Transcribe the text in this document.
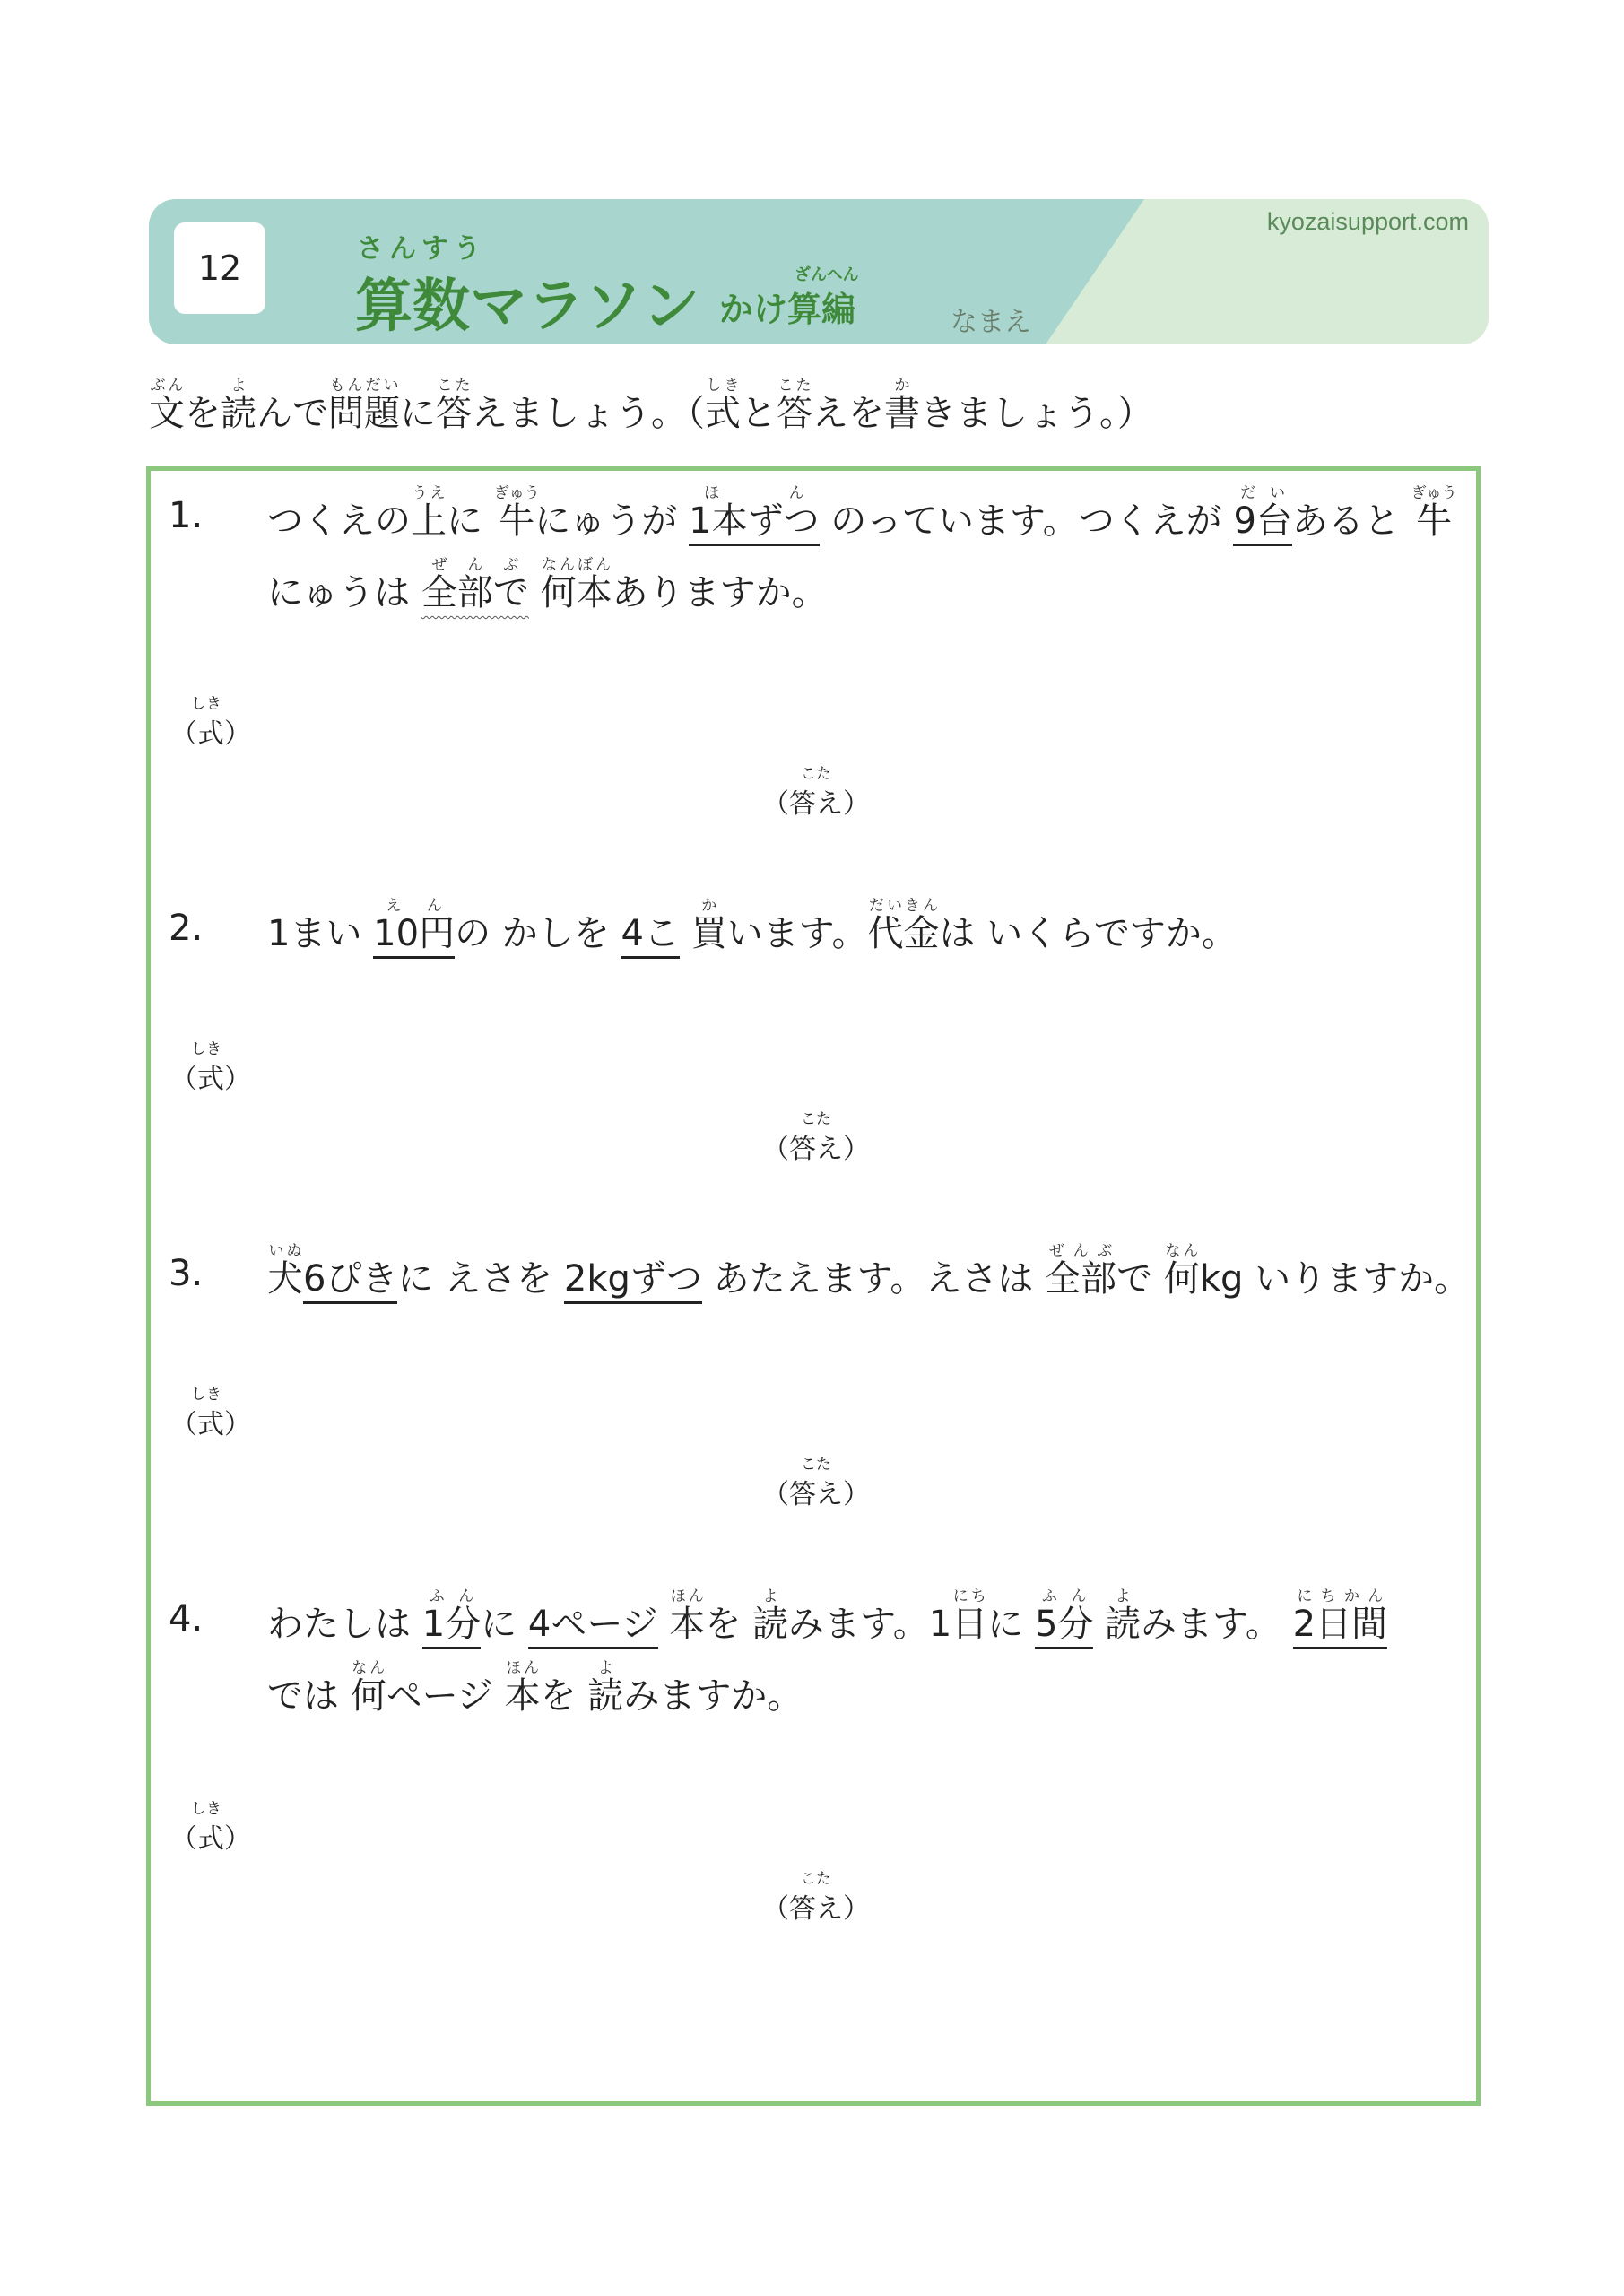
12	さんすう
算数マラソン	ざんへん
かけ算編
kyozaisupport.com
なまえ
文ぶんを読よんで問題もんだいに答こたえましょう。（式しきと答こたえを書かきましょう。）
1. つくえの上うえに 牛ぎゅうにゅうが 1本ずつほん のっています。つくえが 9台だいあると 牛ぎゅう
にゅうは 全部でぜんぶ 何本なんぼんありますか。
しき
（式）
こた
（答え）
2. 1まい 10円えんの かしを 4こ 買かいます。代金だいきんは いくらですか。
しき
（式）
こた
（答え）
3. 犬いぬ6ぴきに えさを 2kgずつ あたえます。えさは 全部ぜんぶで 何なんkg いりますか。
しき
（式）
こた
（答え）
4. わたしは 1分ふんに 4ページ 本ほんを 読よみます。1日にちに 5分ふん 読よみます。 2日間にちかん
では 何なんページ 本ほんを 読よみますか。
しき
（式）
こた
（答え）
